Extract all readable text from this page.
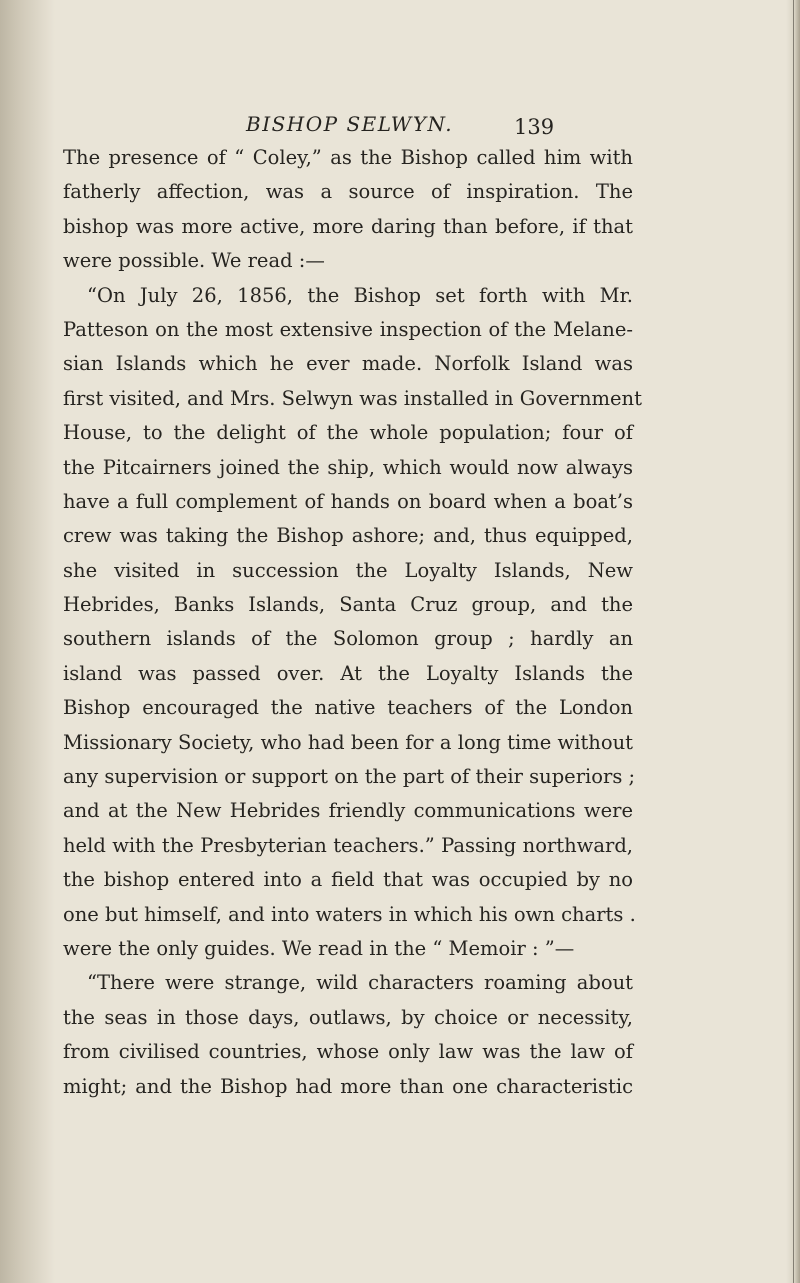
BISHOP SELWYN.	139
The presence of “ Coley,” as the Bishop called him with
fatherly affection, was a source of inspiration. The
bishop was more active, more daring than before, if that
were possible. We read :—
“On July 26, 1856, the Bishop set forth with Mr.
Patteson on the most extensive inspection of the Melane-
sian Islands which he ever made. Norfolk Island was
first visited, and Mrs. Selwyn was installed in Government
House, to the delight of the whole population; four of
the Pitcairners joined the ship, which would now always
have a full complement of hands on board when a boat’s
crew was taking the Bishop ashore; and, thus equipped,
she visited in succession the Loyalty Islands, New
Hebrides, Banks Islands, Santa Cruz group, and the
southern islands of the Solomon group ; hardly an
island was passed over. At the Loyalty Islands the
Bishop encouraged the native teachers of the London
Missionary Society, who had been for a long time without
any supervision or support on the part of their superiors ;
and at the New Hebrides friendly communications were
held with the Presbyterian teachers.” Passing northward,
the bishop entered into a field that was occupied by no
one but himself, and into waters in which his own charts .
were the only guides. We read in the “ Memoir : ”—
“There were strange, wild characters roaming about
the seas in those days, outlaws, by choice or necessity,
from civilised countries, whose only law was the law of
might; and the Bishop had more than one characteristic
